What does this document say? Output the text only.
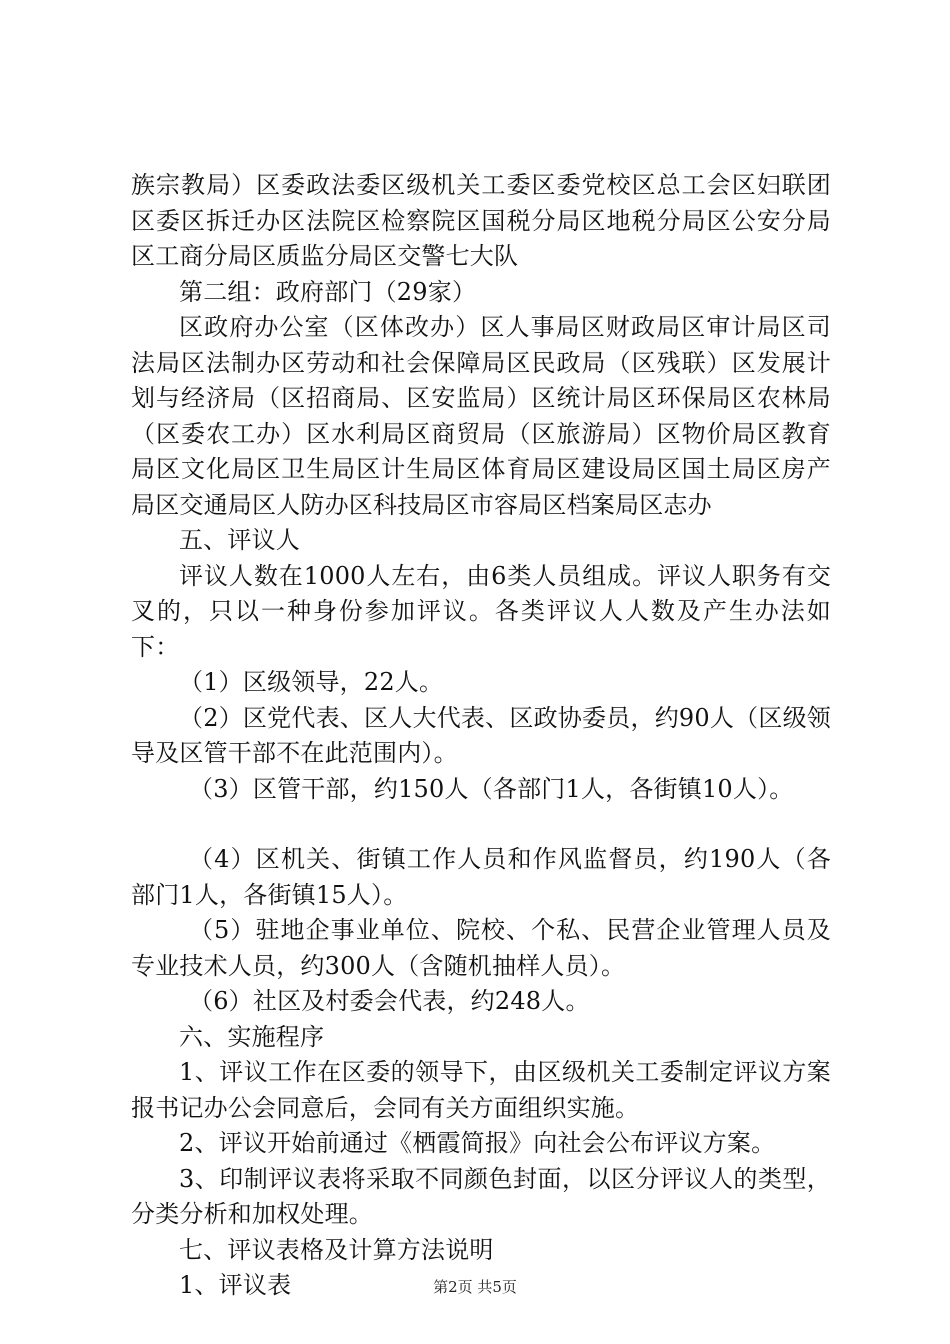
族宗教局）区委政法委区级机关工委区委党校区总工会区妇联团区委区拆迁办区法院区检察院区国税分局区地税分局区公安分局区工商分局区质监分局区交警七大队

第二组：政府部门（29家）

区政府办公室（区体改办）区人事局区财政局区审计局区司法局区法制办区劳动和社会保障局区民政局（区残联）区发展计划与经济局（区招商局、区安监局）区统计局区环保局区农林局（区委农工办）区水利局区商贸局（区旅游局）区物价局区教育局区文化局区卫生局区计生局区体育局区建设局区国土局区房产局区交通局区人防办区科技局区市容局区档案局区志办

五、评议人

评议人数在1000人左右，由6类人员组成。评议人职务有交叉的，只以一种身份参加评议。各类评议人人数及产生办法如下：

（1）区级领导，22人。

（2）区党代表、区人大代表、区政协委员，约90人（区级领导及区管干部不在此范围内）。

（3）区管干部，约150人（各部门1人，各街镇10人）。

（4）区机关、街镇工作人员和作风监督员，约190人（各部门1人，各街镇15人）。

（5）驻地企事业单位、院校、个私、民营企业管理人员及专业技术人员，约300人（含随机抽样人员）。

（6）社区及村委会代表，约248人。

六、实施程序

1、评议工作在区委的领导下，由区级机关工委制定评议方案报书记办公会同意后，会同有关方面组织实施。

2、评议开始前通过《栖霞简报》向社会公布评议方案。

3、印制评议表将采取不同颜色封面，以区分评议人的类型，分类分析和加权处理。

七、评议表格及计算方法说明

1、评议表	第2页 共5页
